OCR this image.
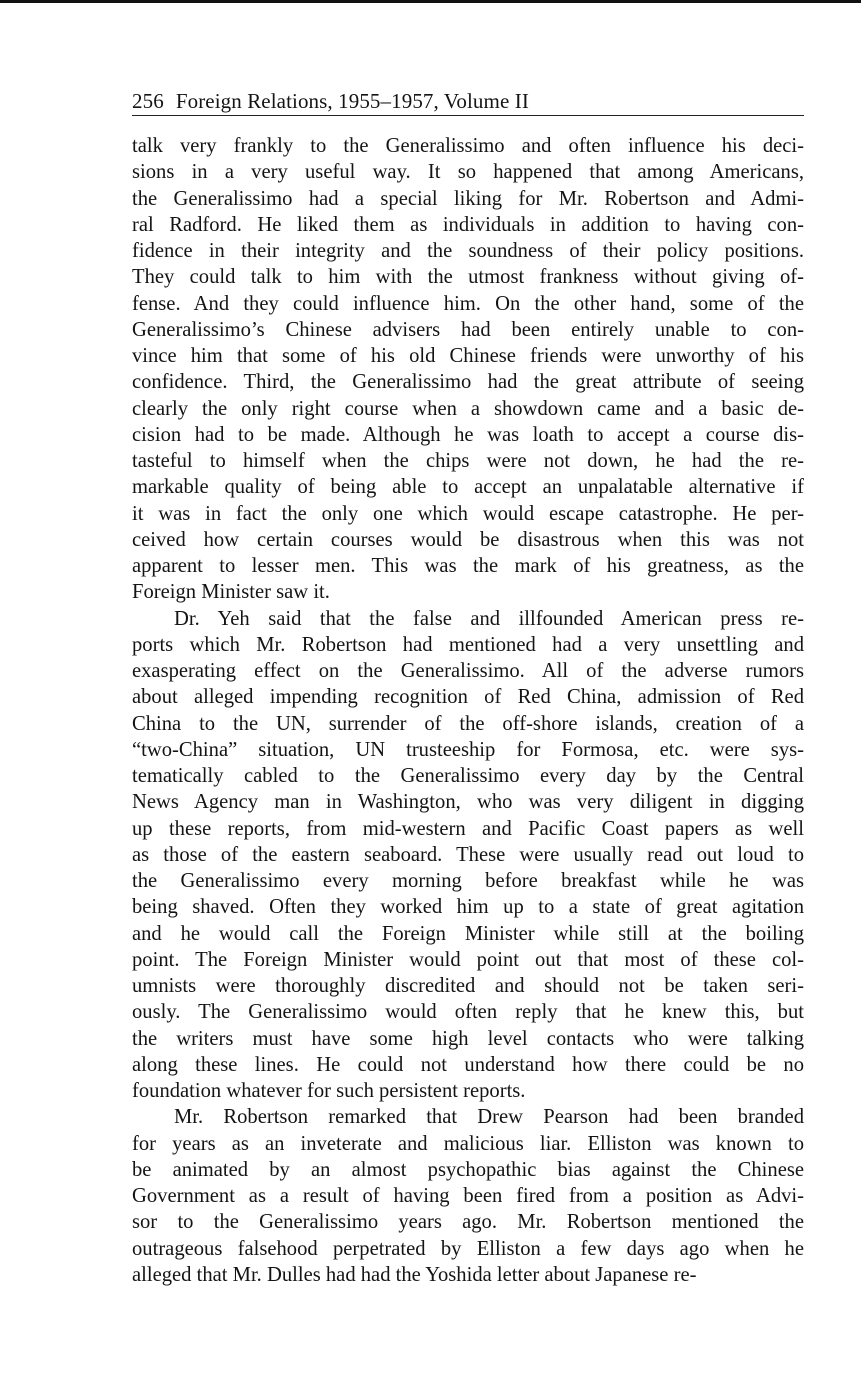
256 Foreign Relations, 1955–1957, Volume II

talk very frankly to the Generalissimo and often influence his deci-
sions in a very useful way. It so happened that among Americans,
the Generalissimo had a special liking for Mr. Robertson and Admi-
ral Radford. He liked them as individuals in addition to having con-
fidence in their integrity and the soundness of their policy positions.
They could talk to him with the utmost frankness without giving of-
fense. And they could influence him. On the other hand, some of the
Generalissimo’s Chinese advisers had been entirely unable to con-
vince him that some of his old Chinese friends were unworthy of his
confidence. Third, the Generalissimo had the great attribute of seeing
clearly the only right course when a showdown came and a basic de-
cision had to be made. Although he was loath to accept a course dis-
tasteful to himself when the chips were not down, he had the re-
markable quality of being able to accept an unpalatable alternative if
it was in fact the only one which would escape catastrophe. He per-
ceived how certain courses would be disastrous when this was not
apparent to lesser men. This was the mark of his greatness, as the
Foreign Minister saw it.

Dr. Yeh said that the false and illfounded American press re-
ports which Mr. Robertson had mentioned had a very unsettling and
exasperating effect on the Generalissimo. All of the adverse rumors
about alleged impending recognition of Red China, admission of Red
China to the UN, surrender of the off-shore islands, creation of a
“two-China” situation, UN trusteeship for Formosa, etc. were sys-
tematically cabled to the Generalissimo every day by the Central
News Agency man in Washington, who was very diligent in digging
up these reports, from mid-western and Pacific Coast papers as well
as those of the eastern seaboard. These were usually read out loud to
the Generalissimo every morning before breakfast while he was
being shaved. Often they worked him up to a state of great agitation
and he would call the Foreign Minister while still at the boiling
point. The Foreign Minister would point out that most of these col-
umnists were thoroughly discredited and should not be taken seri-
ously. The Generalissimo would often reply that he knew this, but
the writers must have some high level contacts who were talking
along these lines. He could not understand how there could be no
foundation whatever for such persistent reports.

Mr. Robertson remarked that Drew Pearson had been branded
for years as an inveterate and malicious liar. Elliston was known to
be animated by an almost psychopathic bias against the Chinese
Government as a result of having been fired from a position as Advi-
sor to the Generalissimo years ago. Mr. Robertson mentioned the
outrageous falsehood perpetrated by Elliston a few days ago when he
alleged that Mr. Dulles had had the Yoshida letter about Japanese re-
